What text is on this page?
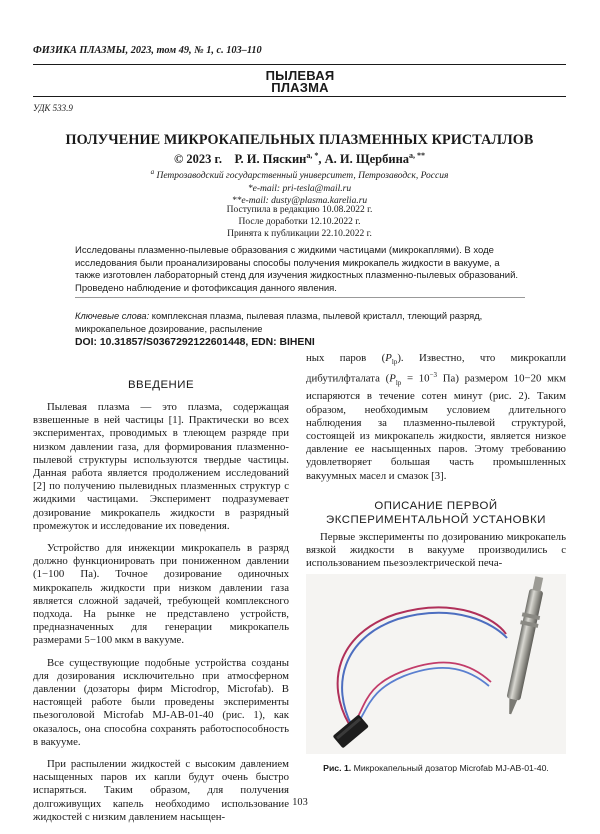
ФИЗИКА ПЛАЗМЫ, 2023, том 49, № 1, с. 103–110
ПЫЛЕВАЯ
ПЛАЗМА
УДК 533.9
ПОЛУЧЕНИЕ МИКРОКАПЕЛЬНЫХ ПЛАЗМЕННЫХ КРИСТАЛЛОВ
© 2023 г. Р. И. Пяскин$^{a, *}$, А. И. Щербина$^{a, **}$
$^a$ Петрозаводский государственный университет, Петрозаводск, Россия
*e-mail: pri-tesla@mail.ru
**e-mail: dusty@plasma.karelia.ru
Поступила в редакцию 10.08.2022 г.
После доработки 12.10.2022 г.
Принята к публикации 22.10.2022 г.
Исследованы плазменно-пылевые образования с жидкими частицами (микрокаплями). В ходе исследования были проанализированы способы получения микрокапель жидкости в вакууме, а также изготовлен лабораторный стенд для изучения жидкостных плазменно-пылевых образований. Проведено наблюдение и фотофиксация данного явления.
Ключевые слова: комплексная плазма, пылевая плазма, пылевой кристалл, тлеющий разряд, микрокапельное дозирование, распыление
DOI: 10.31857/S0367292122601448, EDN: BIHENI
ВВЕДЕНИЕ

Пылевая плазма — это плазма, содержащая взвешенные в ней частицы [1]. Практически во всех экспериментах, проводимых в тлеющем разряде при низком давлении газа, для формирования плазменно-пылевой структуры используются твердые частицы. Данная работа является продолжением исследований [2] по получению пылевидных плазменных структур с жидкими частицами. Эксперимент подразумевает дозирование микрокапель жидкости в разрядный промежуток и исследование их поведения.

Устройство для инжекции микрокапель в разряд должно функционировать при пониженном давлении (1−100 Па). Точное дозирование одиночных микрокапель жидкости при низком давлении газа является сложной задачей, требующей комплексного подхода. На рынке не представлено устройств, предназначенных для генерации микрокапель размерами 5−100 мкм в вакууме.

Все существующие подобные устройства созданы для дозирования исключительно при атмосферном давлении (дозаторы фирм Microdrop, Microfab). В настоящей работе были проведены эксперименты пьезоголовой Microfab MJ-AB-01-40 (рис. 1), как оказалось, она способна сохранять работоспособность в вакууме.

При распылении жидкостей с высоким давлением насыщенных паров их капли будут очень быстро испаряться. Таким образом, для получения долгоживущих капель необходимо использование жидкостей с низким давлением насыщен-

ных паров $(P_{lp})$. Известно, что микрокапли дибутилфталата ($P_{lp} = 10^{-3}$ Па) размером 10−20 мкм испаряются в течение сотен минут (рис. 2). Таким образом, необходимым условием длительного наблюдения за плазменно-пылевой структурой, состоящей из микрокапель жидкости, является низкое давление ее насыщенных паров. Этому требованию удовлетворяет большая часть промышленных вакуумных масел и смазок [3].

ОПИСАНИЕ ПЕРВОЙ
ЭКСПЕРИМЕНТАЛЬНОЙ УСТАНОВКИ

Первые эксперименты по дозированию микрокапель вязкой жидкости в вакууме производились с использованием пьезоэлектрической печа-

Рис. 1. Микрокапельный дозатор Microfab MJ-AB-01-40.
103
